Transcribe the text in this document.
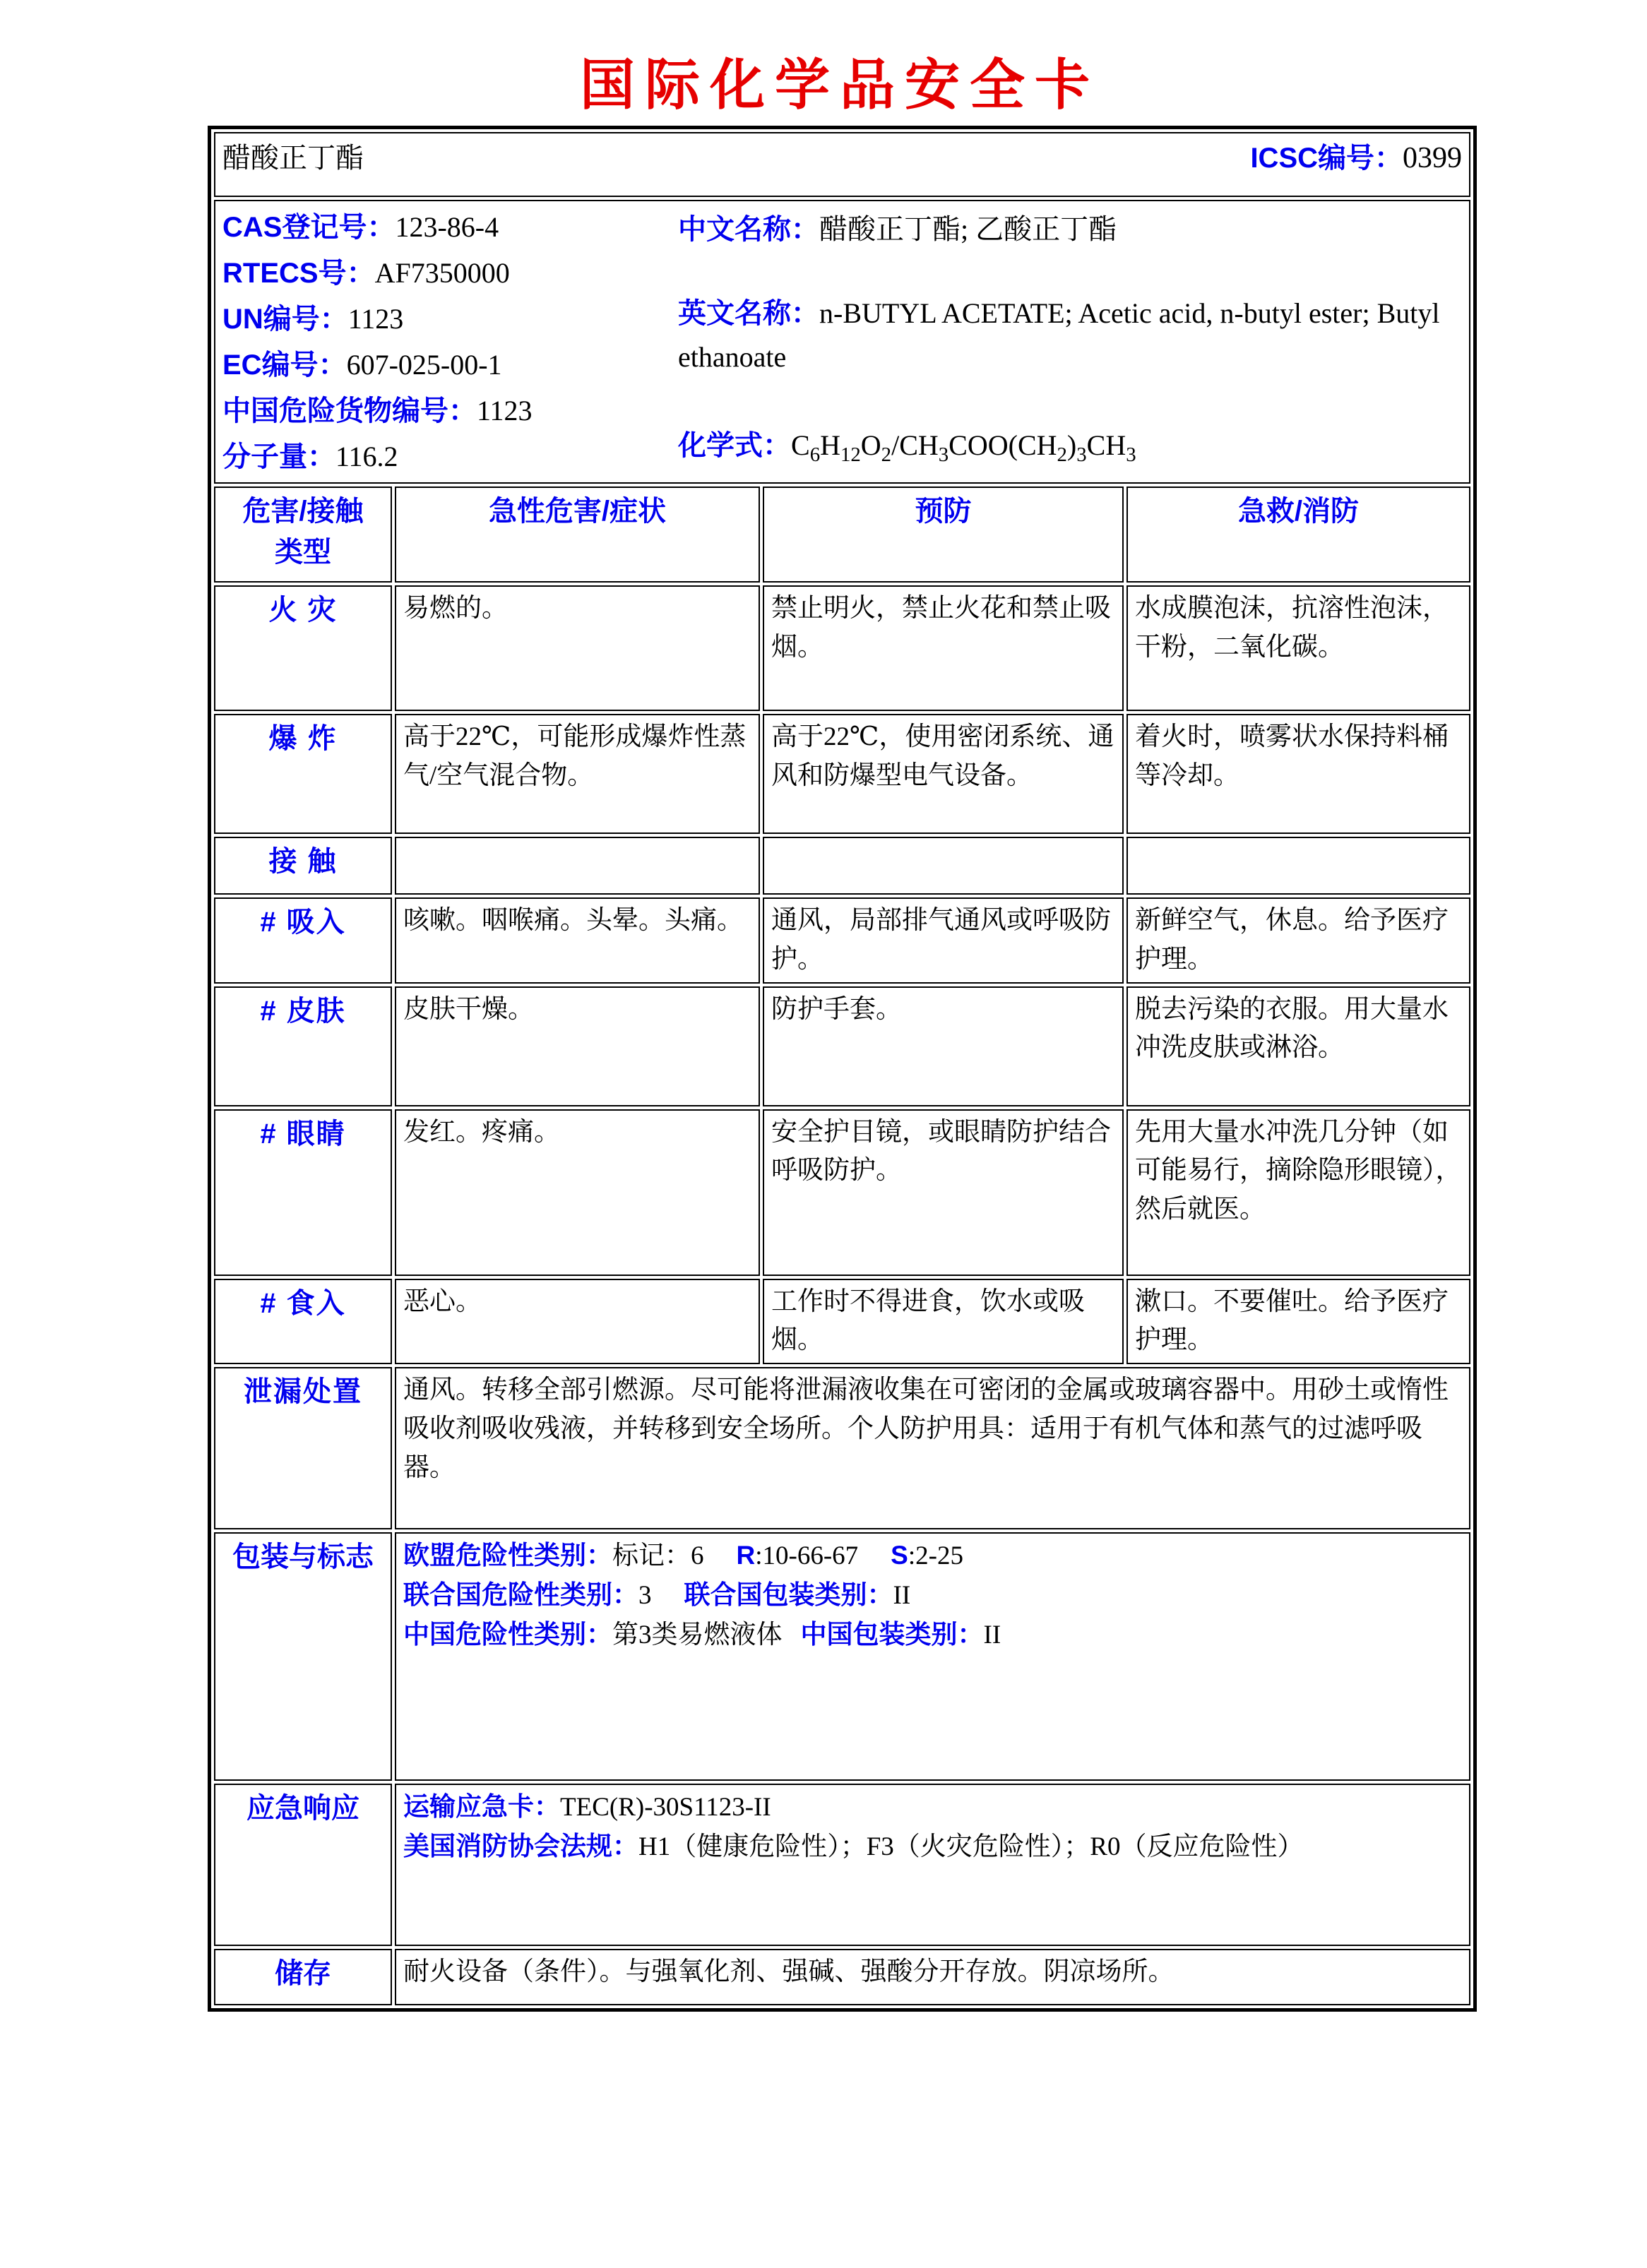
国际化学品安全卡
醋酸正丁酯 ICSC编号：0399			

CAS登记号：123-86-4
RTECS号：AF7350000
UN编号：1123
EC编号：607-025-00-1
中国危险货物编号：1123
分子量：116.2
中文名称：醋酸正丁酯; 乙酸正丁酯
英文名称：n-BUTYL ACETATE; Acetic acid, n-butyl ester; Butyl ethanoate
化学式：$C_6H_{12}O_2/CH_3COO(CH_2)_3CH_3$

危害/接触
类型	急性危害/症状	预防	急救/消防
火 灾	易燃的。	禁止明火，禁止火花和禁止吸烟。	水成膜泡沫，抗溶性泡沫，干粉，二氧化碳。
爆 炸	高于22℃，可能形成爆炸性蒸气/空气混合物。	高于22℃，使用密闭系统、通风和防爆型电气设备。	着火时，喷雾状水保持料桶等冷却。
接 触			
# 吸入	咳嗽。咽喉痛。头晕。头痛。	通风，局部排气通风或呼吸防护。	新鲜空气，休息。给予医疗护理。
# 皮肤	皮肤干燥。	防护手套。	脱去污染的衣服。用大量水冲洗皮肤或淋浴。
# 眼睛	发红。疼痛。	安全护目镜，或眼睛防护结合呼吸防护。	先用大量水冲洗几分钟（如可能易行，摘除隐形眼镜），然后就医。
# 食入	恶心。	工作时不得进食，饮水或吸烟。	漱口。不要催吐。给予医疗护理。
泄漏处置	通风。转移全部引燃源。尽可能将泄漏液收集在可密闭的金属或玻璃容器中。用砂土或惰性吸收剂吸收残液，并转移到安全场所。个人防护用具：适用于有机气体和蒸气的过滤呼吸器。		
包装与标志	欧盟危险性类别：标记：6 R:10-66-67 S:2-25
联合国危险性类别：3 联合国包装类别：II
中国危险性类别：第3类易燃液体 中国包装类别：II		

应急响应	运输应急卡：TEC(R)-30S1123-II
美国消防协会法规：H1（健康危险性）；F3（火灾危险性）；R0（反应危险性）		

储存	耐火设备（条件）。与强氧化剂、强碱、强酸分开存放。阴凉场所。		
